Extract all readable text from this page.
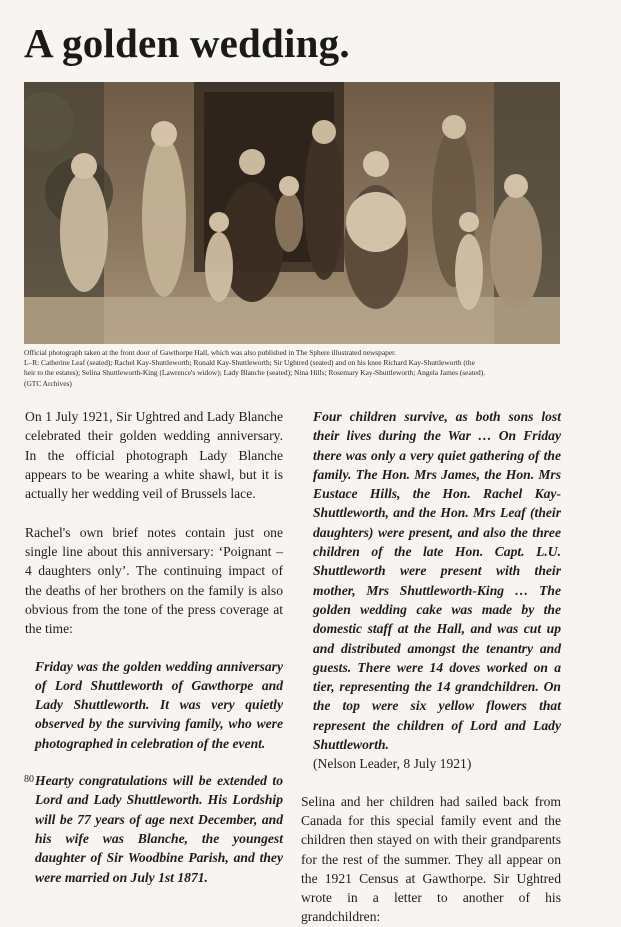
A golden wedding.
Official photograph taken at the front door of Gawthorpe Hall, which was also published in The Sphere illustrated newspaper.
L–R: Catherine Leaf (seated); Rachel Kay-Shuttleworth; Ronald Kay-Shuttleworth; Sir Ughtred (seated) and on his knee Richard Kay-Shuttleworth (the
heir to the estates); Selina Shuttleworth-King (Lawrence's widow); Lady Blanche (seated); Nina Hills; Rosemary Kay-Shuttleworth; Angela James (seated).
(GTC Archives)

On 1 July 1921, Sir Ughtred and Lady Blanche celebrated their golden wedding anniversary. In the official photograph Lady Blanche appears to be wearing a white shawl, but it is actually her wedding veil of Brussels lace.

Rachel's own brief notes contain just one single line about this anniversary: ‘Poignant – 4 daughters only’. The continuing impact of the deaths of her brothers on the family is also obvious from the tone of the press coverage at the time:

Friday was the golden wedding anniversary of Lord Shuttleworth of Gawthorpe and Lady Shuttleworth. It was very quietly observed by the surviving family, who were photographed in celebration of the event.

Hearty congratulations will be extended to Lord and Lady Shuttleworth. His Lordship will be 77 years of age next December, and his wife was Blanche, the youngest daughter of Sir Woodbine Parish, and they were married on July 1st 1871.

Four children survive, as both sons lost their lives during the War … On Friday there was only a very quiet gathering of the family. The Hon. Mrs James, the Hon. Mrs Eustace Hills, the Hon. Rachel Kay-Shuttleworth, and the Hon. Mrs Leaf (their daughters) were present, and also the three children of the late Hon. Capt. L.U. Shuttleworth were present with their mother, Mrs Shuttleworth-King … The golden wedding cake was made by the domestic staff at the Hall, and was cut up and distributed amongst the tenantry and guests. There were 14 doves worked on a tier, representing the 14 grandchildren. On the top were six yellow flowers that represent the children of Lord and Lady Shuttleworth.

(Nelson Leader, 8 July 1921)

Selina and her children had sailed back from Canada for this special family event and the children then stayed on with their grandparents for the rest of the summer. They all appear on the 1921 Census at Gawthorpe. Sir Ughtred wrote in a letter to another of his grandchildren:

80
